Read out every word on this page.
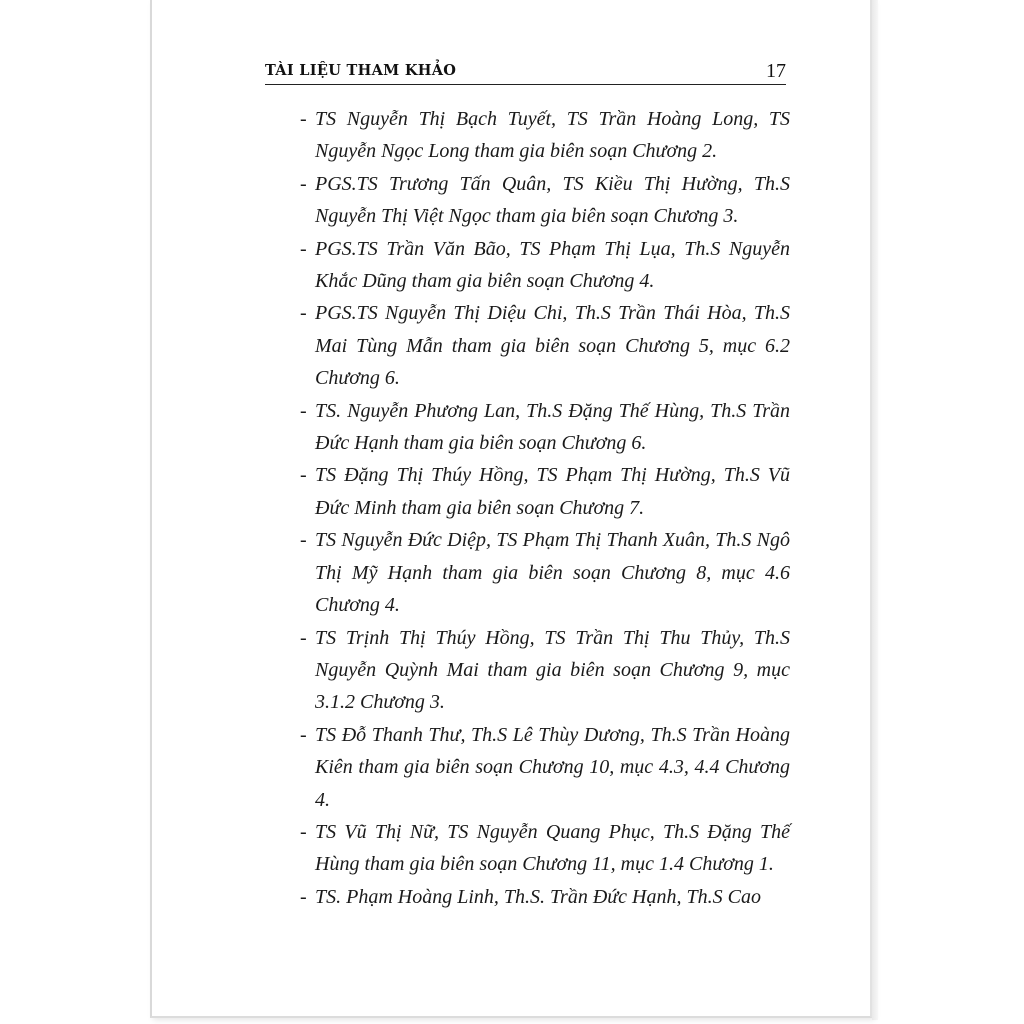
TÀI LIỆU THAM KHẢO	17
- TS Nguyễn Thị Bạch Tuyết, TS Trần Hoàng Long, TS Nguyễn Ngọc Long tham gia biên soạn Chương 2.
- PGS.TS Trương Tấn Quân, TS Kiều Thị Hường, Th.S Nguyễn Thị Việt Ngọc tham gia biên soạn Chương 3.
- PGS.TS Trần Văn Bão, TS Phạm Thị Lụa, Th.S Nguyễn Khắc Dũng tham gia biên soạn Chương 4.
- PGS.TS Nguyễn Thị Diệu Chi, Th.S Trần Thái Hòa, Th.S Mai Tùng Mẫn tham gia biên soạn Chương 5, mục 6.2 Chương 6.
- TS. Nguyễn Phương Lan, Th.S Đặng Thế Hùng, Th.S Trần Đức Hạnh tham gia biên soạn Chương 6.
- TS Đặng Thị Thúy Hồng, TS Phạm Thị Hường, Th.S Vũ Đức Minh tham gia biên soạn Chương 7.
- TS Nguyễn Đức Diệp, TS Phạm Thị Thanh Xuân, Th.S Ngô Thị Mỹ Hạnh tham gia biên soạn Chương 8, mục 4.6 Chương 4.
- TS Trịnh Thị Thúy Hồng, TS Trần Thị Thu Thủy, Th.S Nguyễn Quỳnh Mai tham gia biên soạn Chương 9, mục 3.1.2 Chương 3.
- TS Đỗ Thanh Thư, Th.S Lê Thùy Dương, Th.S Trần Hoàng Kiên tham gia biên soạn Chương 10, mục 4.3, 4.4 Chương 4.
- TS Vũ Thị Nữ, TS Nguyễn Quang Phục, Th.S Đặng Thế Hùng tham gia biên soạn Chương 11, mục 1.4 Chương 1.
- TS. Phạm Hoàng Linh, Th.S. Trần Đức Hạnh, Th.S Cao
